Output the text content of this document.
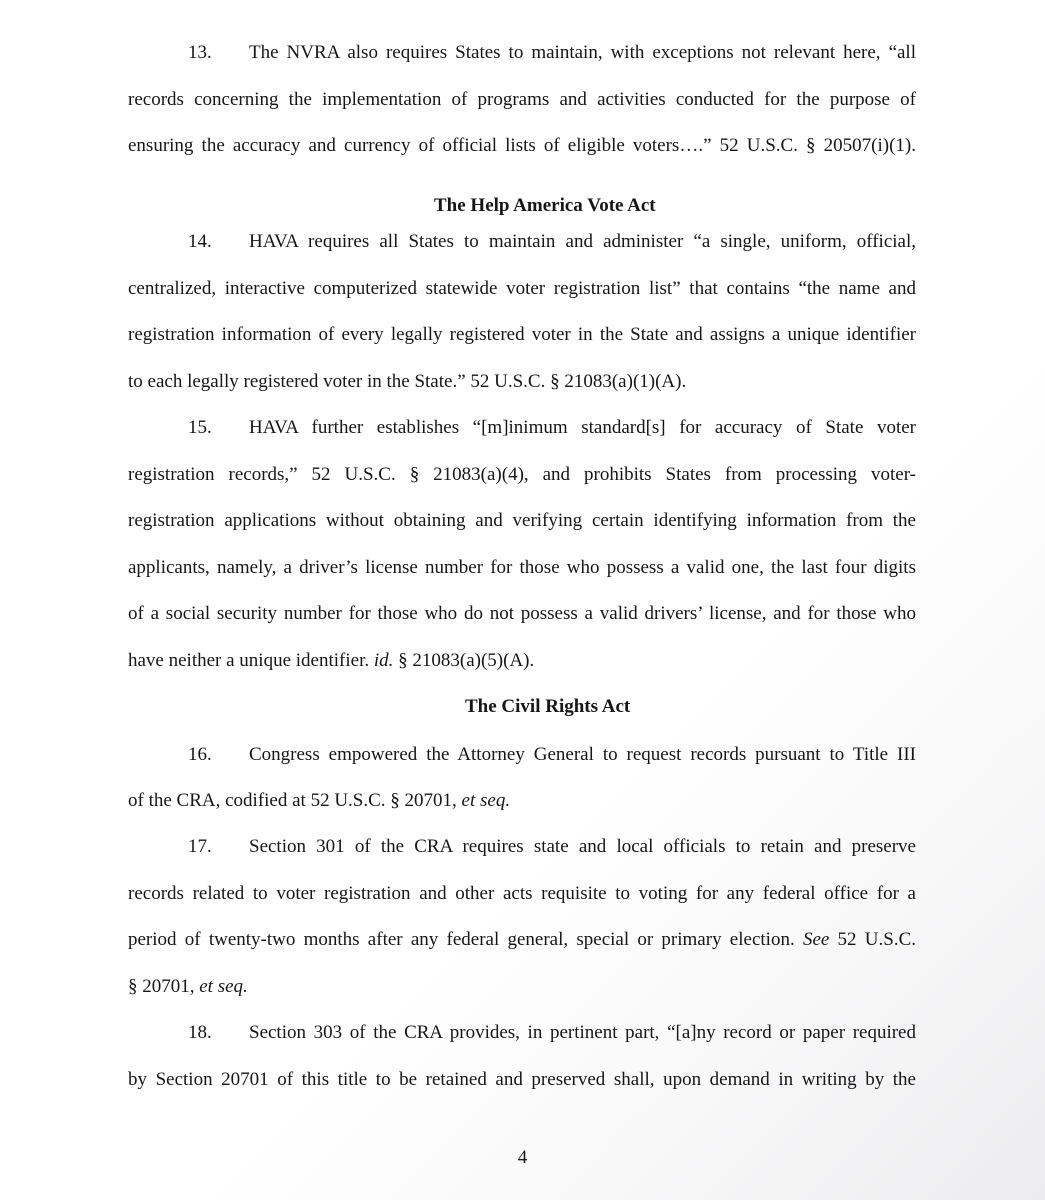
13. The NVRA also requires States to maintain, with exceptions not relevant here, “all
records concerning the implementation of programs and activities conducted for the purpose of
ensuring the accuracy and currency of official lists of eligible voters….” 52 U.S.C. § 20507(i)(1).
The Help America Vote Act
14. HAVA requires all States to maintain and administer “a single, uniform, official,
centralized, interactive computerized statewide voter registration list” that contains “the name and
registration information of every legally registered voter in the State and assigns a unique identifier
to each legally registered voter in the State.” 52 U.S.C. § 21083(a)(1)(A).
15. HAVA further establishes “[m]inimum standard[s] for accuracy of State voter
registration records,” 52 U.S.C. § 21083(a)(4), and prohibits States from processing voter-
registration applications without obtaining and verifying certain identifying information from the
applicants, namely, a driver’s license number for those who possess a valid one, the last four digits
of a social security number for those who do not possess a valid drivers’ license, and for those who
have neither a unique identifier. id. § 21083(a)(5)(A).
The Civil Rights Act
16. Congress empowered the Attorney General to request records pursuant to Title III
of the CRA, codified at 52 U.S.C. § 20701, et seq.
17. Section 301 of the CRA requires state and local officials to retain and preserve
records related to voter registration and other acts requisite to voting for any federal office for a
period of twenty-two months after any federal general, special or primary election. See 52 U.S.C.
§ 20701, et seq.
18. Section 303 of the CRA provides, in pertinent part, “[a]ny record or paper required
by Section 20701 of this title to be retained and preserved shall, upon demand in writing by the
4
